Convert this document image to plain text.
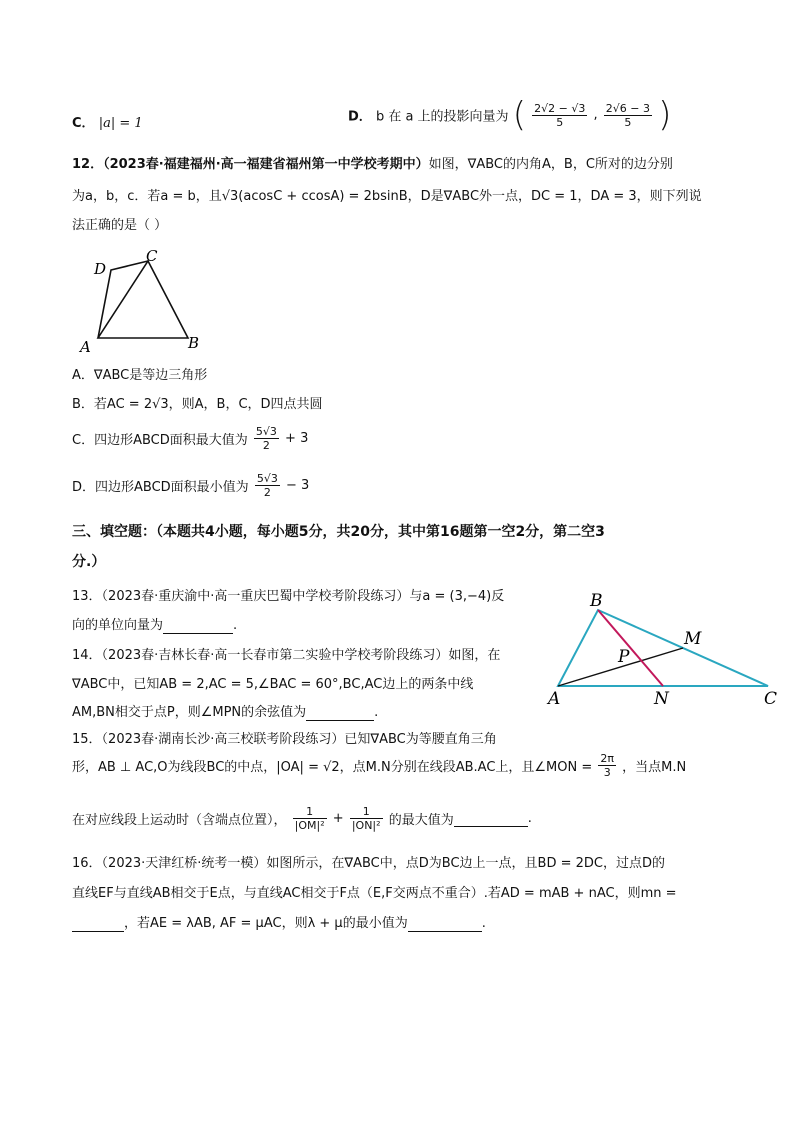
C． |a| = 1	D． b 在 a 上的投影向量为 ( $\frac{2√2 - √3}{5}$ , $\frac{2√6 - 3}{5}$ )
12．（2023春·福建福州·高一福建省福州第一中学校考期中）如图，∇ABC的内角A，B，C所对的边分别
为a，b，c．若a = b，且√3(acosC + ccosA) = 2bsinB，D是∇ABC外一点，DC = 1，DA = 3，则下列说
法正确的是（ ）
D
C
A	B
A．∇ABC是等边三角形
B．若AC = 2√3，则A，B，C，D四点共圆
C．四边形ABCD面积最大值为 $\frac{5√3}{2} + 3$
D．四边形ABCD面积最小值为 $\frac{5√3}{2} - 3$
三、填空题：（本题共4小题，每小题5分，共20分，其中第16题第一空2分，第二空3
分.）
13．（2023春·重庆渝中·高一重庆巴蜀中学校考阶段练习）与a = (3,−4)反
向的单位向量为	.
14．（2023春·吉林长春·高一长春市第二实验中学校考阶段练习）如图，在
∇ABC中，已知AB = 2,AC = 5,∠BAC = 60°,BC,AC边上的两条中线
AM,BN相交于点P，则∠MPN的余弦值为	.
B
M
P
A	N	C
15．（2023春·湖南长沙·高三校联考阶段练习）已知∇ABC为等腰直角三角
形，AB ⊥ AC,O为线段BC的中点，|OA| = √2，点M.N分别在线段AB.AC上，且∠MON = $\frac{2\pi}{3}$ ，当点M.N
在对应线段上运动时（含端点位置）， $\frac{1}{\text{|OM|²}} + \frac{1}{\text{|ON|²}}$ 的最大值为	.
16．（2023·天津红桥·统考一模）如图所示，在∇ABC中，点D为BC边上一点，且BD = 2DC，过点D的
直线EF与直线AB相交于E点，与直线AC相交于F点（E,F交两点不重合）.若AD = mAB + nAC，则mn =
，若AE = λAB, AF = μAC，则λ + μ的最小值为	.
